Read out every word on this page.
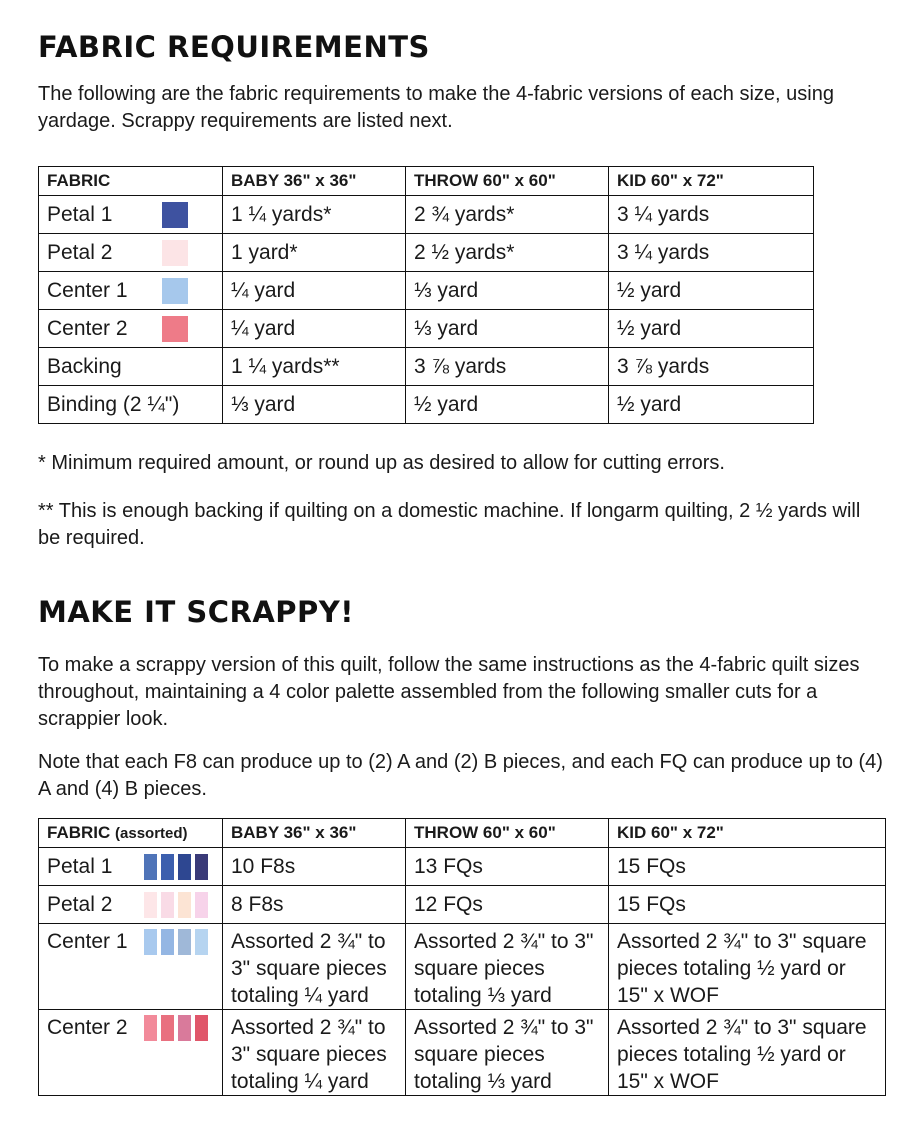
FABRIC REQUIREMENTS

The following are the fabric requirements to make the 4-fabric versions of each size, using yardage. Scrappy requirements are listed next.

FABRIC	BABY 36" x 36"	THROW 60" x 60"	KID 60" x 72"
Petal 1	1 ¼ yards*	2 ¾ yards*	3 ¼ yards
Petal 2	1 yard*	2 ½ yards*	3 ¼ yards
Center 1	¼ yard	⅓ yard	½ yard
Center 2	¼ yard	⅓ yard	½ yard
Backing	1 ¼ yards**	3 ⅞ yards	3 ⅞ yards
Binding (2 ¼")	⅓ yard	½ yard	½ yard

* Minimum required amount, or round up as desired to allow for cutting errors.

** This is enough backing if quilting on a domestic machine. If longarm quilting, 2 ½ yards will be required.

MAKE IT SCRAPPY!

To make a scrappy version of this quilt, follow the same instructions as the 4-fabric quilt sizes throughout, maintaining a 4 color palette assembled from the following smaller cuts for a scrappier look.

Note that each F8 can produce up to (2) A and (2) B pieces, and each FQ can produce up to (4) A and (4) B pieces.

FABRIC (assorted)	BABY 36" x 36"	THROW 60" x 60"	KID 60" x 72"
Petal 1	10 F8s	13 FQs	15 FQs
Petal 2	8 F8s	12 FQs	15 FQs
Center 1	Assorted 2 ¾" to 3" square pieces totaling ¼ yard	Assorted 2 ¾" to 3" square pieces totaling ⅓ yard	Assorted 2 ¾" to 3" square pieces totaling ½ yard or 15" x WOF
Center 2	Assorted 2 ¾" to 3" square pieces totaling ¼ yard	Assorted 2 ¾" to 3" square pieces totaling ⅓ yard	Assorted 2 ¾" to 3" square pieces totaling ½ yard or 15" x WOF
